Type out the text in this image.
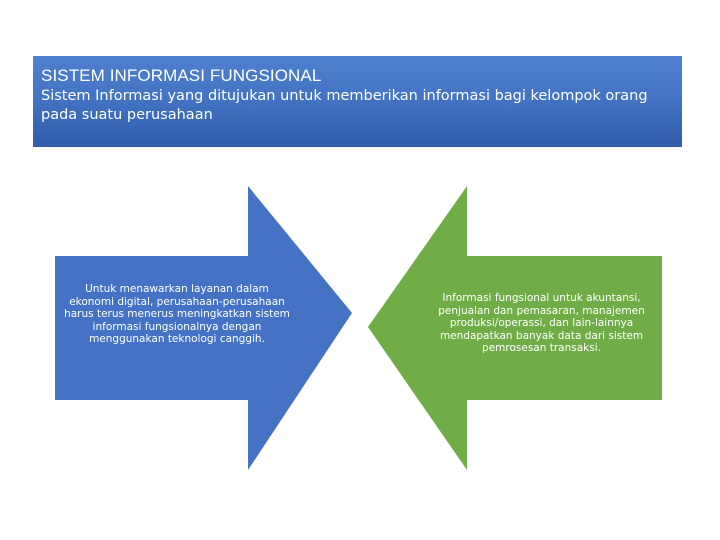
SISTEM INFORMASI FUNGSIONAL

Sistem Informasi yang ditujukan untuk memberikan informasi bagi kelompok orang pada suatu perusahaan

Untuk menawarkan layanan dalam ekonomi digital, perusahaan-perusahaan harus terus menerus meningkatkan sistem informasi fungsionalnya dengan menggunakan teknologi canggih.
Informasi fungsional untuk akuntansi, penjualan dan pemasaran, manajemen produksi/operassi, dan lain-lainnya mendapatkan banyak data dari sistem pemrosesan transaksi.
